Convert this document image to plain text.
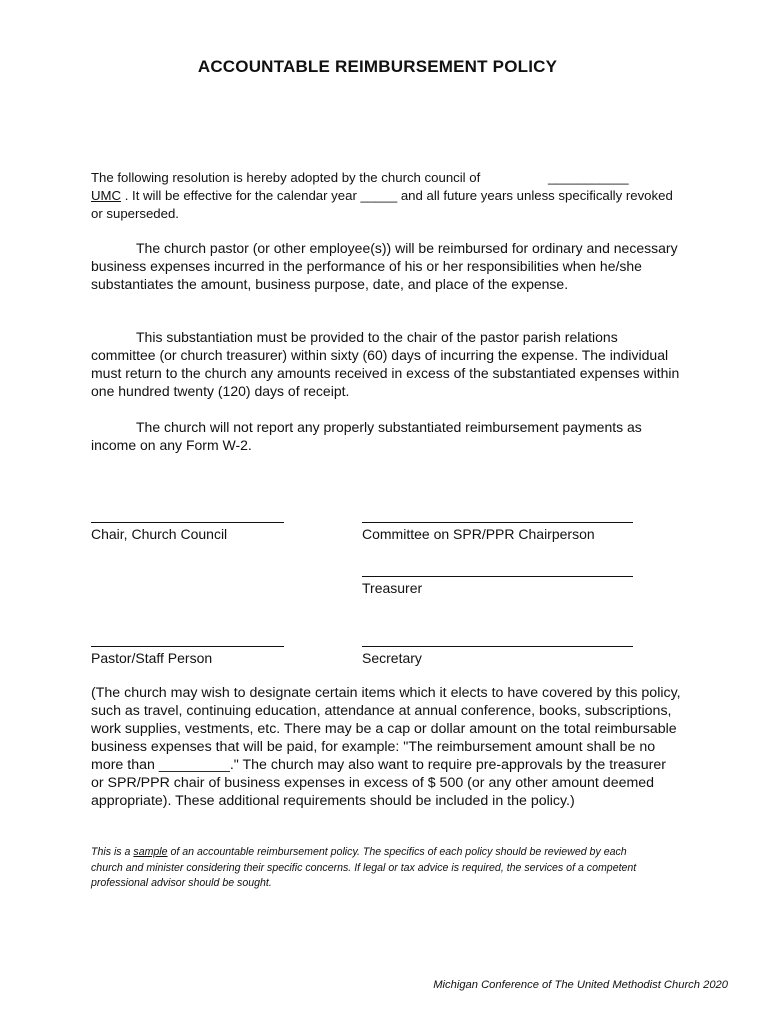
ACCOUNTABLE REIMBURSEMENT POLICY
The following resolution is hereby adopted by the church council of	___________
UMC . It will be effective for the calendar year _____ and all future years unless specifically revoked or superseded.
The church pastor (or other employee(s)) will be reimbursed for ordinary and necessary business expenses incurred in the performance of his or her responsibilities when he/she substantiates the amount, business purpose, date, and place of the expense.
This substantiation must be provided to the chair of the pastor parish relations committee (or church treasurer) within sixty (60) days of incurring the expense. The individual must return to the church any amounts received in excess of the substantiated expenses within one hundred twenty (120) days of receipt.
The church will not report any properly substantiated reimbursement payments as income on any Form W-2.
Chair, Church Council	Committee on SPR/PPR Chairperson
Treasurer
Pastor/Staff Person	Secretary
(The church may wish to designate certain items which it elects to have covered by this policy, such as travel, continuing education, attendance at annual conference, books, subscriptions, work supplies, vestments, etc. There may be a cap or dollar amount on the total reimbursable business expenses that will be paid, for example: "The reimbursement amount shall be no more than _________." The church may also want to require pre-approvals by the treasurer or SPR/PPR chair of business expenses in excess of $ 500 (or any other amount deemed appropriate). These additional requirements should be included in the policy.)
This is a sample of an accountable reimbursement policy. The specifics of each policy should be reviewed by each church and minister considering their specific concerns. If legal or tax advice is required, the services of a competent professional advisor should be sought.
Michigan Conference of The United Methodist Church 2020
